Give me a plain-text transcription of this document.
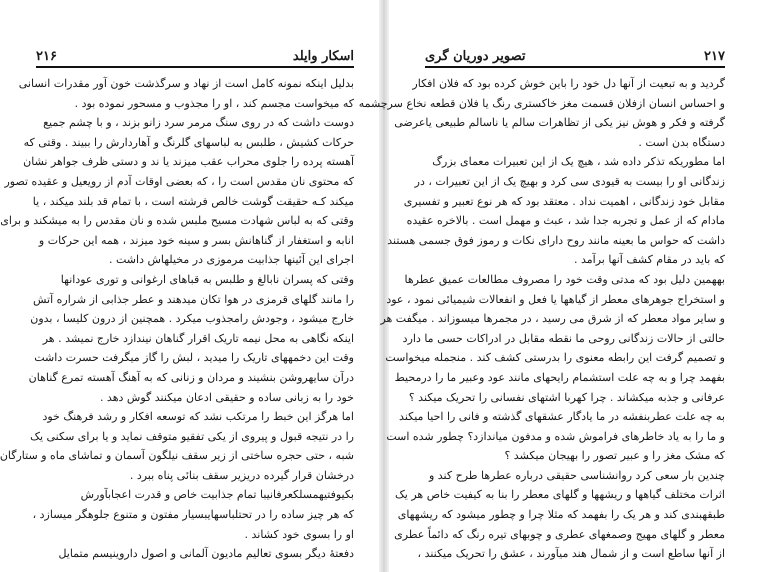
اسکار وایلد
۲۱۶
بدلیل اینکه نمونه کامل است از نهاد و سرگذشت خون آور مقدرات انسانی
که میخواست مجسم کند ، او را مجذوب و مسحور نموده بود .
دوست داشت که در روی سنگ مرمر سرد زانو بزند ، و با چشم جمیع
حرکات کشیش ، طلبس به لباسهای گلرنگ و آهاردارش را ببیند . وقتی که
آهسته پرده را جلوی محراب عقب میزند یا ند و دستی ظرف جواهر نشان
که محتوی نان مقدس است را ، که بعضی اوقات آدم از رویعیل و عقیده تصور
میکند کـه حقیقت گوشت خالص فرشته است ، با تمام قد بلند میکند ، یا
وقتی که به لباس شهادت مسیح ملبس شده و نان مقدس را به میشکند و برای
انابه و استغفار از گناهانش بسر و سینه خود میزند ، همه این حرکات و
اجرای این آئینها جذابیت مرموزی در مخیلهاش داشت .
وقتی که پسران نابالغ و طلبس به قباهای ارغوانی و توری عودانها
را مانند گلهای قرمزی در هوا تکان میدهند و عطر جذابی از شراره آتش
خارج میشود ، وجودش رامجذوب میکرد . همچنین از درون کلیسا ، بدون
اینکه نگاهی به محل نیمه تاریک اقرار گناهان نیندازد خارج نمیشد . هر
وقت این دخمههای تاریک را میدید ، لبش را گاز میگرفت حسرت داشت
درآن سایهروشن بنشیند و مردان و زنانی که به آهنگ آهسته تمرع گناهان
خود را به زبانی ساده و حقیقی ادعان میکنند گوش دهد .
اما هرگز این خبط را مرتکب نشد که توسعه افکار و رشد فرهنگ خود
را در نتیجه قبول و پیروی از یکی تفقیو متوقف نماید و یا برای سکنی یک
شبه ، حتی حجره ساختی از زیر سقف نیلگون آسمان و تماشای ماه و ستارگان
درخشان قرار گیرده دریزیر سقف بنائی پناه ببرد .
بکیوفتیهمسلکعرفانیبا تمام جذابیت خاص و قدرت اعجابآورش
که هر چیز ساده را در تحتلباسهایبسیار مفتون و متنوع جلوهگر میسازد ،
او را بسوی خود کشاند .
دفعتهٔ دیگر بسوی تعالیم مادیون آلمانی و اصول داروینیسم متمایل
۲۱۷
تصویر دوریان گری
گردید و به تبعیت از آنها دل خود را باین خوش کرده بود که فلان افکار
و احساس انسان ازفلان قسمت مغز خاکستری رنگ یا فلان قطعه نخاع سرچشمه
گرفته و فکر و هوش نیز یکی از تظاهرات سالم یا ناسالم طبیعی یاعرضی
دستگاه بدن است .
اما مطوریکه تذکر داده شد ، هیچ یک از این تعبیرات معمای بزرگ
زندگانی او را بیست به قیودی سی کرد و بهیچ یک از این تعبیرات ، در
مقابل خود زندگانی ، اهمیت نداد . معتقد بود که هر نوع تعبیر و تفسیری
مادام که از عمل و تجربه جدا شد ، عبث و مهمل است . بالاخره عقیده
داشت که حواس ما بعینه مانند روح دارای نکات و رموز فوق جسمی هستند
که باید در مقام کشف آنها برآمد .
بههمین دلیل بود که مدتی وقت خود را مصروف مطالعات عمیق عطرها
و استخراج جوهرهای معطر از گیاهها یا فعل و انفعالات شیمیائی نمود ، عود
و سایر مواد معطر که از شرق می رسید ، در مجمرها میسوزاند . میگفت هر
حالتی از حالات زندگانی روحی ما نقطه مقابل در ادراکات حسی ما دارد
و تصمیم گرفت این رابطه معنوی را بدرستی کشف کند . منجمله میخواست
بفهمد چرا و به چه علت استشمام رایحهای مانند عود وعبیر ما را درمحیط
عرفانی و جذبه میکشاند . چرا کهربا اشتهای نفسانی را تحریک میکند ؟
به چه علت عطربنفشه در ما یادگار عشقهای گذشته و فانی را احیا میکند
و ما را به یاد خاطرهای فراموش شده و مدفون میاندازد؟ چطور شده است
که مشک مغز را و عبیر تصور را بهیجان میکشد ؟
چندین بار سعی کرد روانشناسی حقیقی درباره عطرها طرح کند و
اثرات مختلف گیاهها و ریشهها و گلهای معطر را بنا به کیفیت خاص هر یک
طبقهبندی کند و هر یک را بفهمد که مثلا چرا و چطور میشود که ریشههای
معطر و گلهای مهیج وصمغهای عطری و چوبهای تیره رنگ که دائماً عطری
از آنها ساطع است و از شمال هند میآورند ، عشق را تحریک میکنند ،
